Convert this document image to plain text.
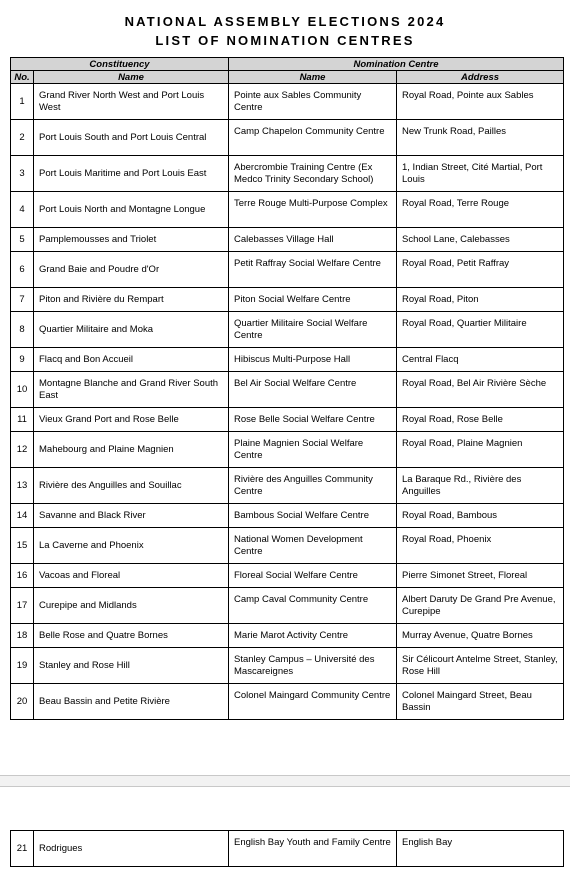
NATIONAL ASSEMBLY ELECTIONS 2024
LIST OF NOMINATION CENTRES
Constituency		Nomination Centre	
No.	Name	Name	Address
1	Grand River North West and Port Louis West	Pointe aux Sables Community Centre	Royal Road, Pointe aux Sables
2	Port Louis South and Port Louis Central	Camp Chapelon Community Centre	New Trunk Road, Pailles
3	Port Louis Maritime and Port Louis East	Abercrombie Training Centre (Ex Medco Trinity Secondary School)	1, Indian Street, Cité Martial, Port Louis
4	Port Louis North and Montagne Longue	Terre Rouge Multi-Purpose Complex	Royal Road, Terre Rouge
5	Pamplemousses and Triolet	Calebasses Village Hall	School Lane, Calebasses
6	Grand Baie and Poudre d'Or	Petit Raffray Social Welfare Centre	Royal Road, Petit Raffray
7	Piton and Rivière du Rempart	Piton Social Welfare Centre	Royal Road, Piton
8	Quartier Militaire and Moka	Quartier Militaire Social Welfare Centre	Royal Road, Quartier Militaire
9	Flacq and Bon Accueil	Hibiscus Multi-Purpose Hall	Central Flacq
10	Montagne Blanche and Grand River South East	Bel Air Social Welfare Centre	Royal Road, Bel Air Rivière Sèche
11	Vieux Grand Port and Rose Belle	Rose Belle Social Welfare Centre	Royal Road, Rose Belle
12	Mahebourg and Plaine Magnien	Plaine Magnien Social Welfare Centre	Royal Road, Plaine Magnien
13	Rivière des Anguilles and Souillac	Rivière des Anguilles Community Centre	La Baraque Rd., Rivière des Anguilles
14	Savanne and Black River	Bambous Social Welfare Centre	Royal Road, Bambous
15	La Caverne and Phoenix	National Women Development Centre	Royal Road, Phoenix
16	Vacoas and Floreal	Floreal Social Welfare Centre	Pierre Simonet Street, Floreal
17	Curepipe and Midlands	Camp Caval Community Centre	Albert Daruty De Grand Pre Avenue, Curepipe
18	Belle Rose and Quatre Bornes	Marie Marot Activity Centre	Murray Avenue, Quatre Bornes
19	Stanley and Rose Hill	Stanley Campus – Université des Mascareignes	Sir Célicourt Antelme Street, Stanley, Rose Hill
20	Beau Bassin and Petite Rivière	Colonel Maingard Community Centre	Colonel Maingard Street, Beau Bassin
21	Rodrigues	English Bay Youth and Family Centre	English Bay
